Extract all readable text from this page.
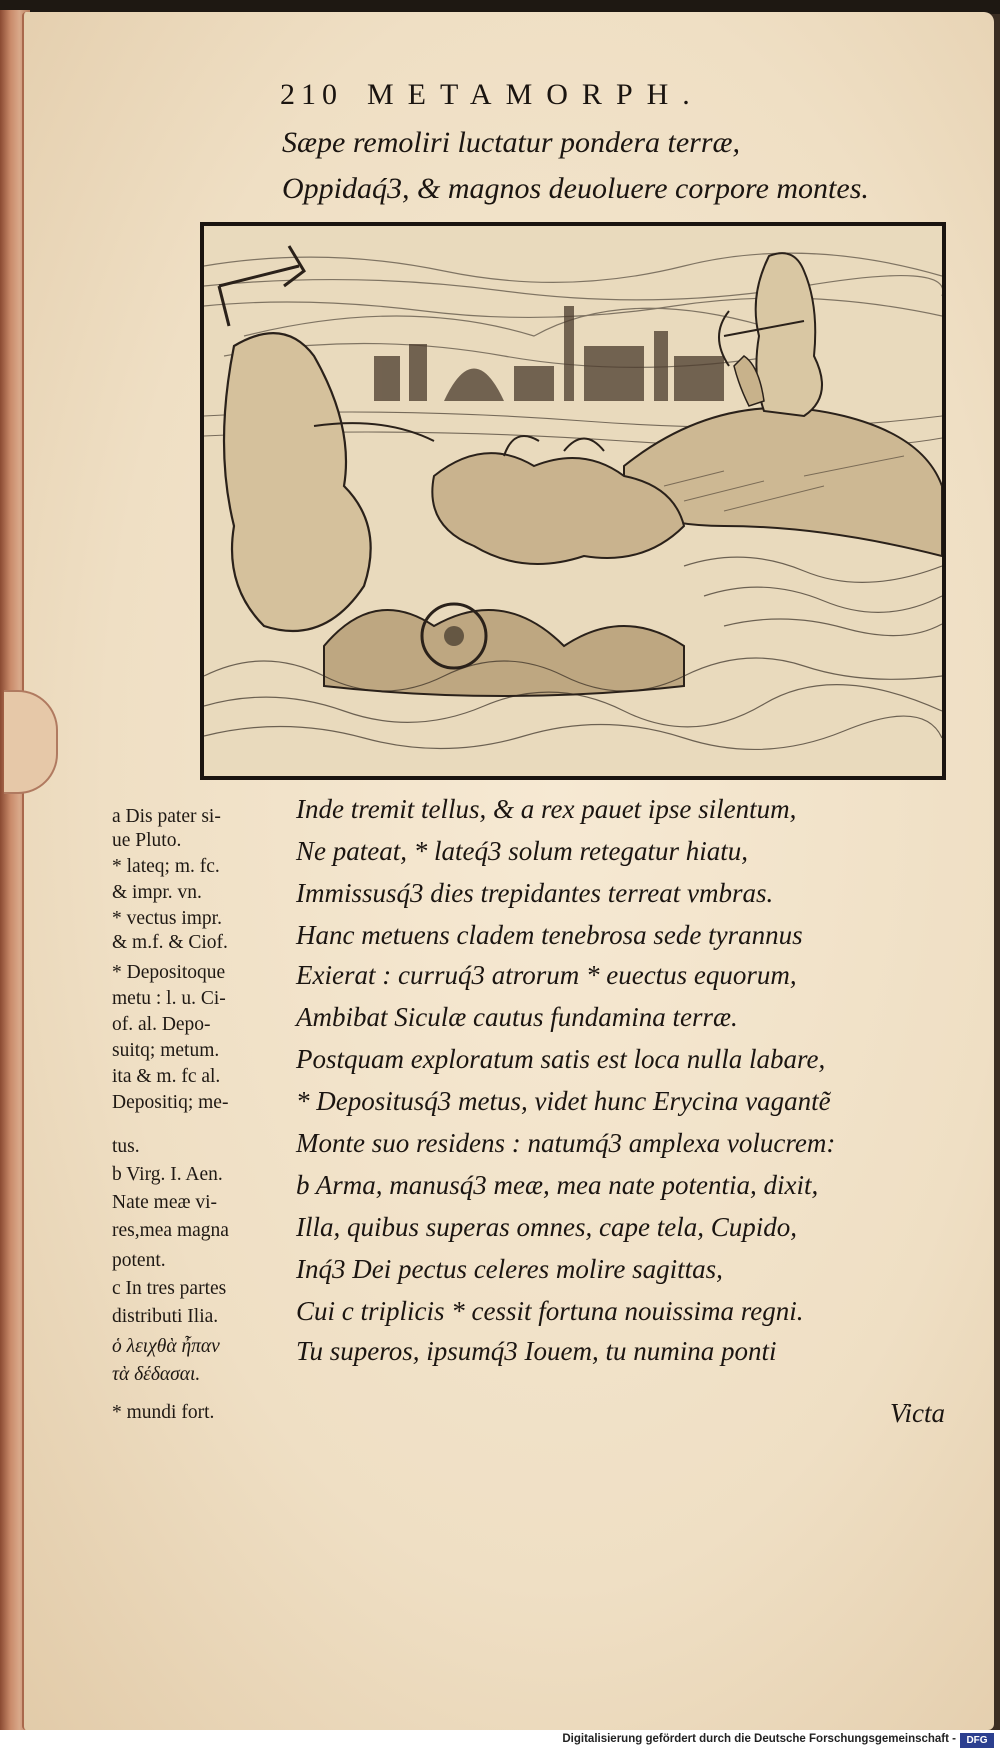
210 METAMORPH.
Sæpe remoliri luctatur pondera terræ,
Oppidaq́3, & magnos deuoluere corpore montes.
a Dis pater si-
ue Pluto.
* lateq; m. fc.
& impr. vn.
* vectus impr.
& m.f. & Ciof.
* Depositoque
metu : l. u. Ci-
of. al. Depo-
suitq; metum.
ita & m. fc al.
Depositiq; me-
tus.
b Virg. I. Aen.
Nate meæ vi-
res,mea magna
potent.
c In tres partes
distributi Ilia.
ὁ λειχθὰ ἦπαν
τὰ δέδασαι.
* mundi fort.
Inde tremit tellus, & a rex pauet ipse silentum,
Ne pateat, * lateq́3 solum retegatur hiatu,
Immissusq́3 dies trepidantes terreat vmbras.
Hanc metuens cladem tenebrosa sede tyrannus
Exierat : curruq́3 atrorum * euectus equorum,
Ambibat Siculæ cautus fundamina terræ.
Postquam exploratum satis est loca nulla labare,
* Depositusq́3 metus, videt hunc Erycina vagantẽ
Monte suo residens : natumq́3 amplexa volucrem:
b Arma, manusq́3 meæ, mea nate potentia, dixit,
Illa, quibus superas omnes, cape tela, Cupido,
Inq́3 Dei pectus celeres molire sagittas,
Cui c triplicis * cessit fortuna nouissima regni.
Tu superos, ipsumq́3 Iouem, tu numina ponti
Victa
Digitalisierung gefördert durch die Deutsche Forschungsgemeinschaft -	DFG
